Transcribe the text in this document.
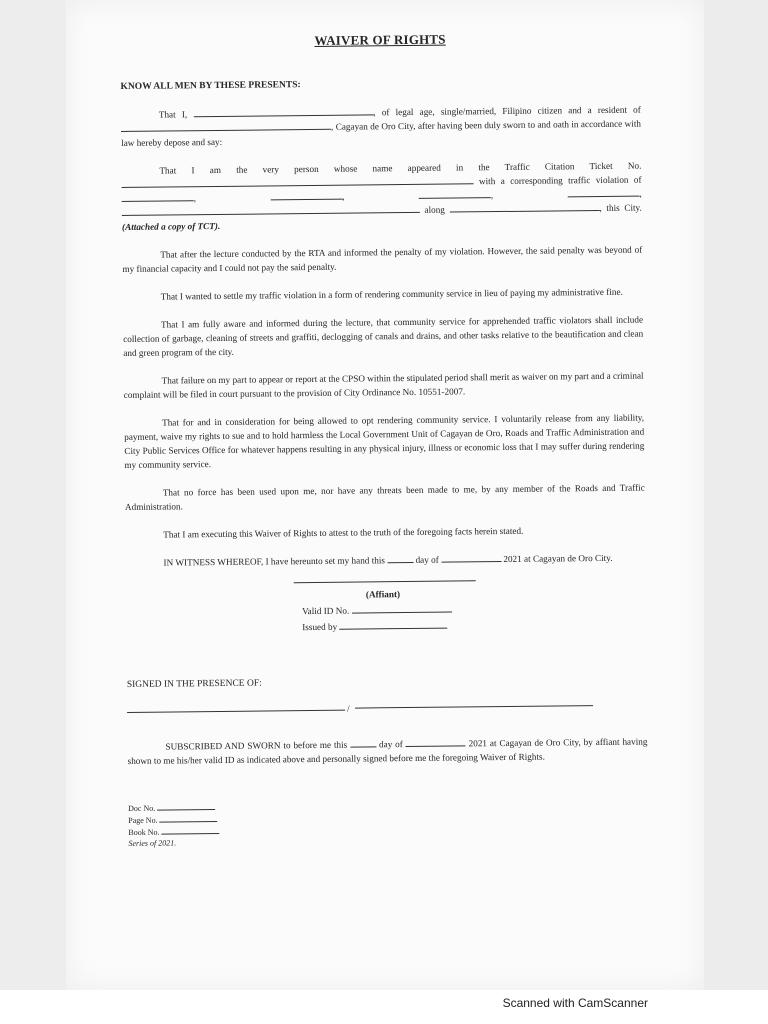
WAIVER OF RIGHTS
KNOW ALL MEN BY THESE PRESENTS:

That I,	, of legal age, single/married, Filipino citizen and a resident of , Cagayan de Oro City, after having been duly sworn to and oath in accordance with law hereby depose and say:

That I am the very person whose name appeared in the Traffic Citation Ticket No.  with a corresponding traffic violation of ,	,	,	,  along	, this City. (Attached a copy of TCT).

That after the lecture conducted by the RTA and informed the penalty of my violation. However, the said penalty was beyond of my financial capacity and I could not pay the said penalty.

That I wanted to settle my traffic violation in a form of rendering community service in lieu of paying my administrative fine.

That I am fully aware and informed during the lecture, that community service for apprehended traffic violators shall include collection of garbage, cleaning of streets and graffiti, declogging of canals and drains, and other tasks relative to the beautification and clean and green program of the city.

That failure on my part to appear or report at the CPSO within the stipulated period shall merit as waiver on my part and a criminal complaint will be filed in court pursuant to the provision of City Ordinance No. 10551-2007.

That for and in consideration for being allowed to opt rendering community service. I voluntarily release from any liability, payment, waive my rights to sue and to hold harmless the Local Government Unit of Cagayan de Oro, Roads and Traffic Administration and City Public Services Office for whatever happens resulting in any physical injury, illness or economic loss that I may suffer during rendering my community service.

That no force has been used upon me, nor have any threats been made to me, by any member of the Roads and Traffic Administration.

That I am executing this Waiver of Rights to attest to the truth of the foregoing facts herein stated.

IN WITNESS WHEREOF, I have hereunto set my hand this	day of	2021 at Cagayan de Oro City.

(Affiant)
Valid ID No.
Issued by
SIGNED IN THE PRESENCE OF:
/

SUBSCRIBED AND SWORN to before me this	day of	2021 at Cagayan de Oro City, by affiant having shown to me his/her valid ID as indicated above and personally signed before me the foregoing Waiver of Rights.

Doc No.
Page No.
Book No.
Series of 2021.
Scanned with CamScanner
